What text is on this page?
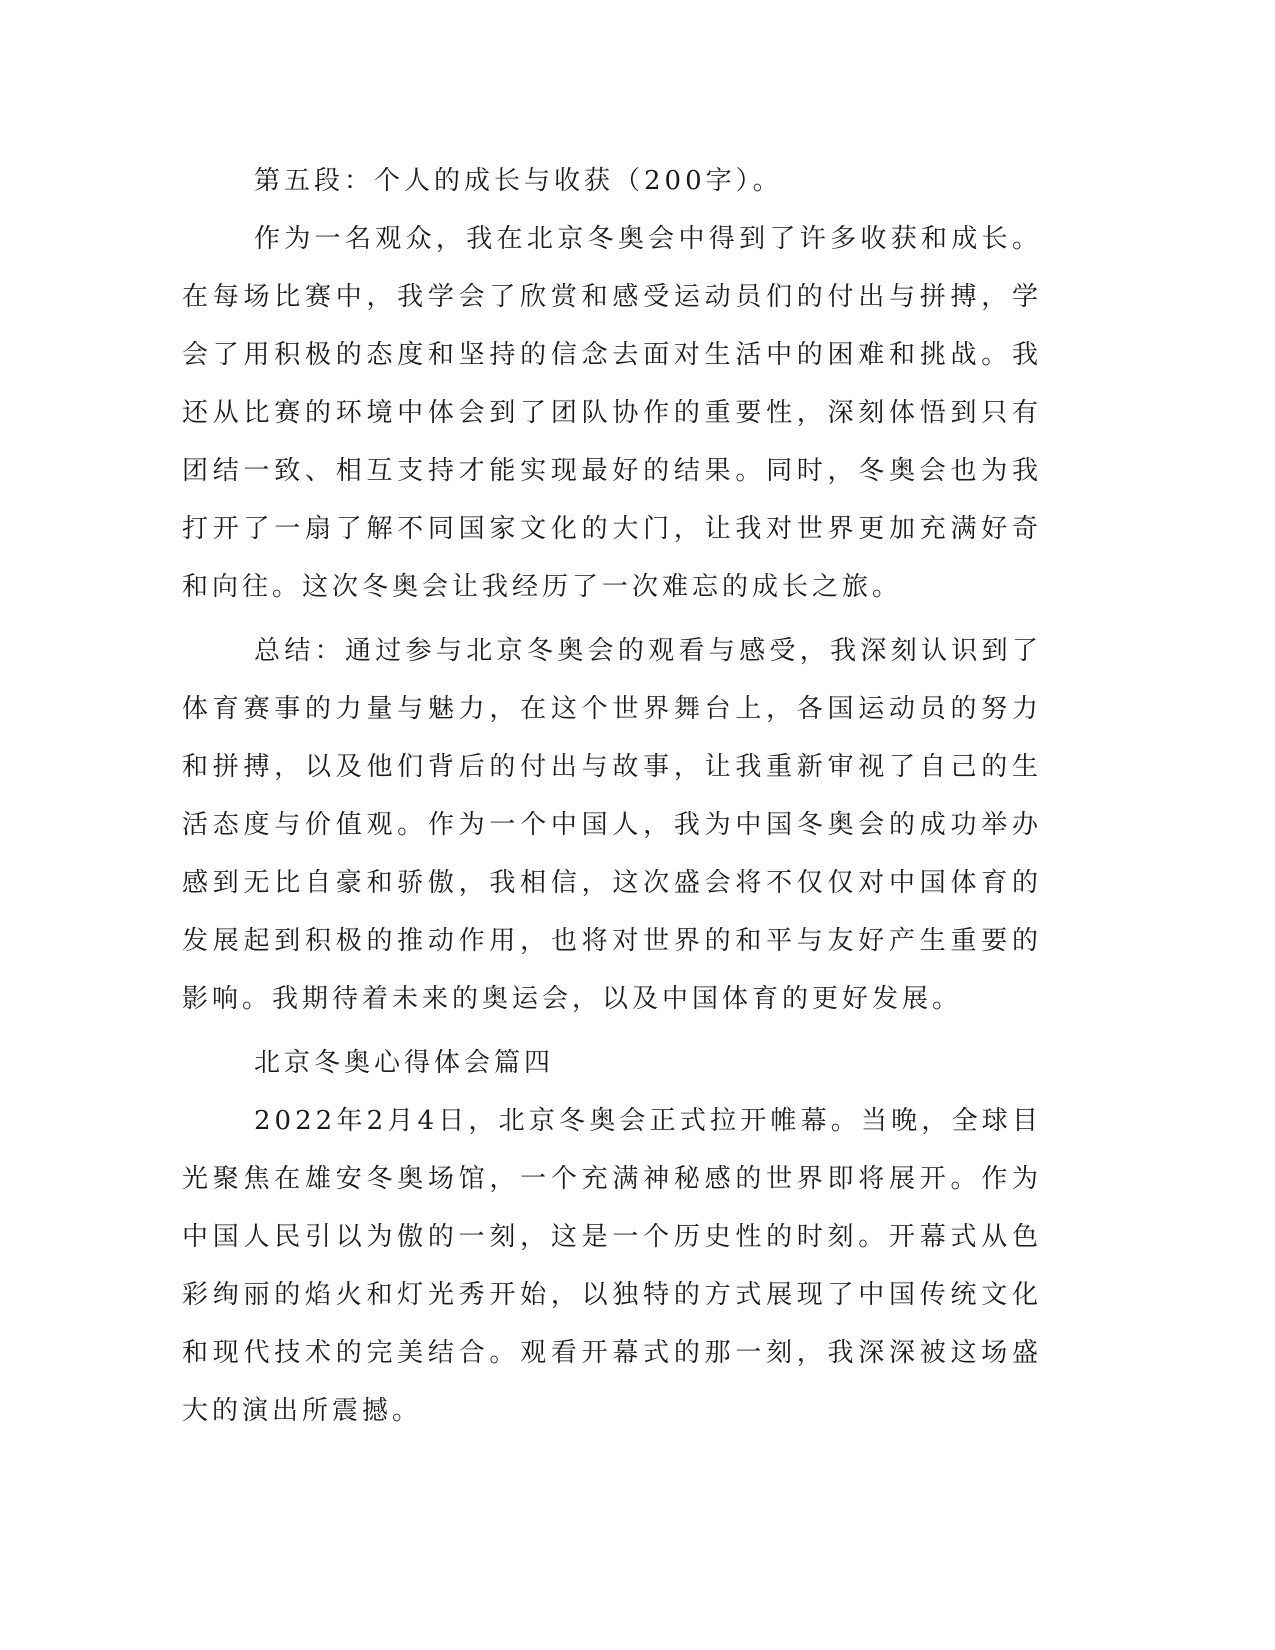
第五段：个人的成长与收获（200字）。

作为一名观众，我在北京冬奥会中得到了许多收获和成长。在每场比赛中，我学会了欣赏和感受运动员们的付出与拼搏，学会了用积极的态度和坚持的信念去面对生活中的困难和挑战。我还从比赛的环境中体会到了团队协作的重要性，深刻体悟到只有团结一致、相互支持才能实现最好的结果。同时，冬奥会也为我打开了一扇了解不同国家文化的大门，让我对世界更加充满好奇和向往。这次冬奥会让我经历了一次难忘的成长之旅。

总结：通过参与北京冬奥会的观看与感受，我深刻认识到了体育赛事的力量与魅力，在这个世界舞台上，各国运动员的努力和拼搏，以及他们背后的付出与故事，让我重新审视了自己的生活态度与价值观。作为一个中国人，我为中国冬奥会的成功举办感到无比自豪和骄傲，我相信，这次盛会将不仅仅对中国体育的发展起到积极的推动作用，也将对世界的和平与友好产生重要的影响。我期待着未来的奥运会，以及中国体育的更好发展。

北京冬奥心得体会篇四

2022年2月4日，北京冬奥会正式拉开帷幕。当晚，全球目光聚焦在雄安冬奥场馆，一个充满神秘感的世界即将展开。作为中国人民引以为傲的一刻，这是一个历史性的时刻。开幕式从色彩绚丽的焰火和灯光秀开始，以独特的方式展现了中国传统文化和现代技术的完美结合。观看开幕式的那一刻，我深深被这场盛大的演出所震撼。
